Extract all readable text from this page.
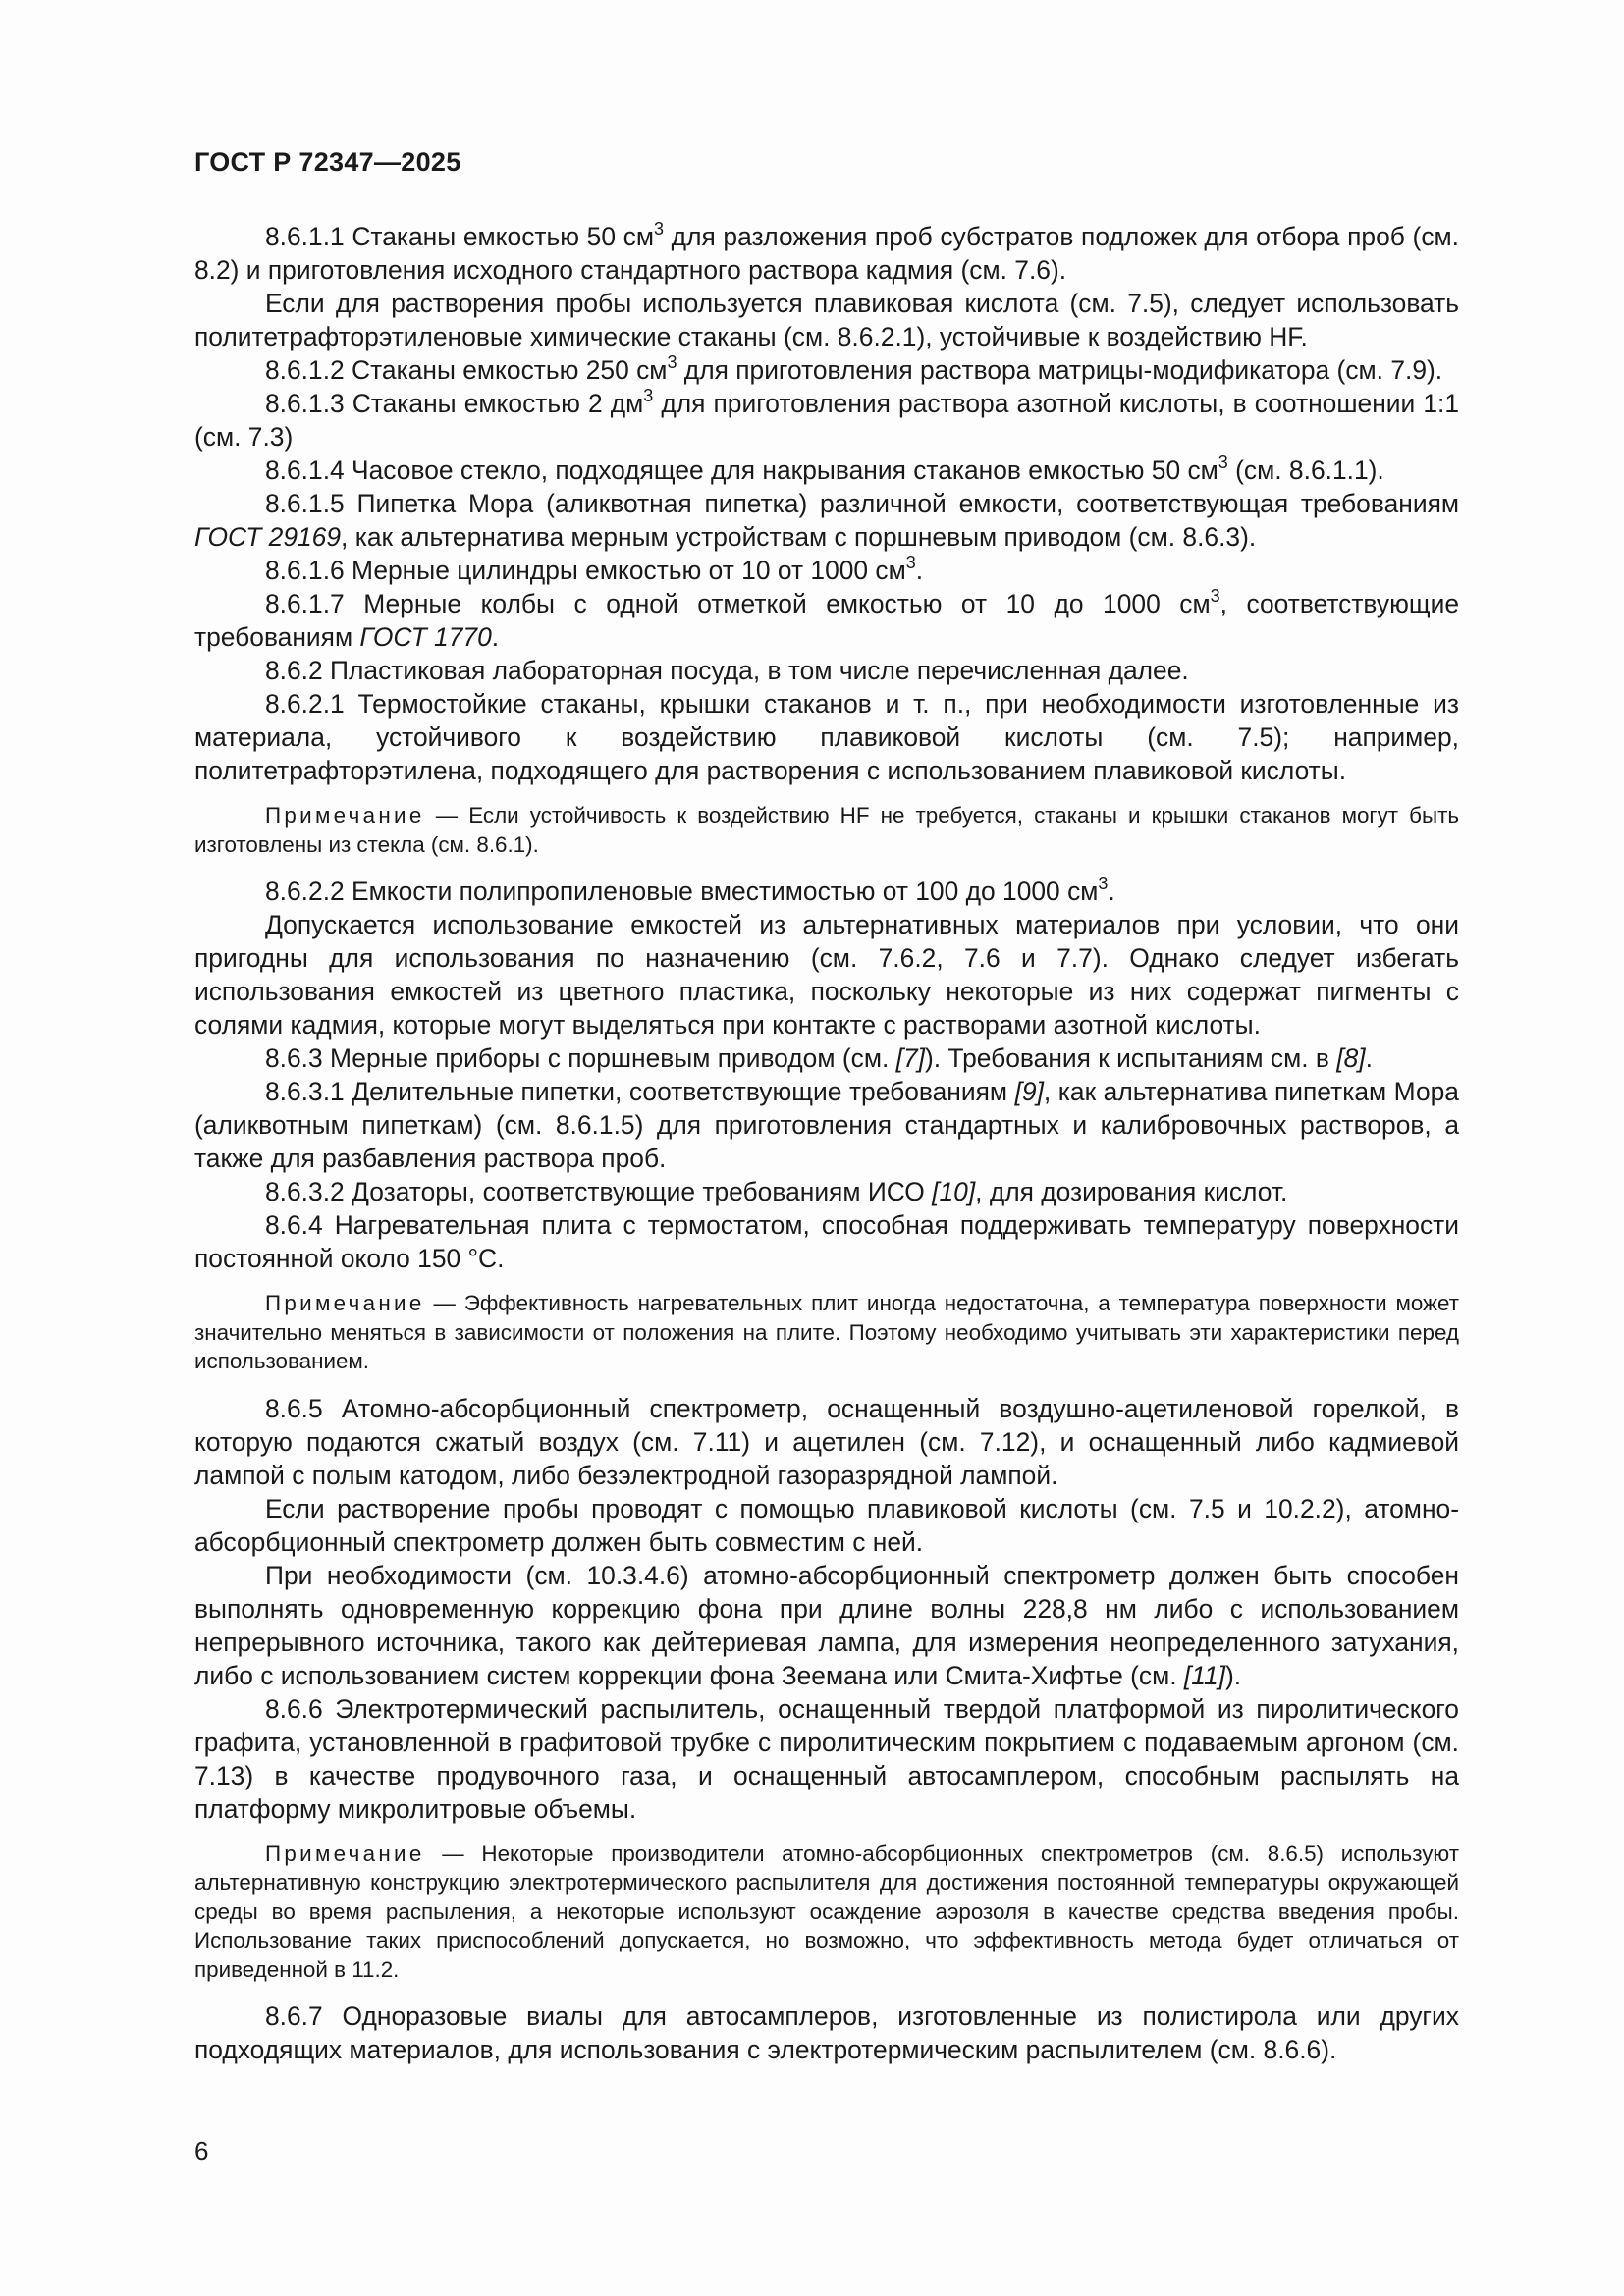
ГОСТ Р 72347—2025

8.6.1.1 Стаканы емкостью 50 $см^3$ для разложения проб субстратов подложек для отбора проб (см. 8.2) и приготовления исходного стандартного раствора кадмия (см. 7.6).

Если для растворения пробы используется плавиковая кислота (см. 7.5), следует использовать политетрафторэтиленовые химические стаканы (см. 8.6.2.1), устойчивые к воздействию HF.

8.6.1.2 Стаканы емкостью 250 $см^3$ для приготовления раствора матрицы-модификатора (см. 7.9).

8.6.1.3 Стаканы емкостью 2 $дм^3$ для приготовления раствора азотной кислоты, в соотношении 1:1 (см. 7.3)

8.6.1.4 Часовое стекло, подходящее для накрывания стаканов емкостью 50 $см^3$ (см. 8.6.1.1).

8.6.1.5 Пипетка Мора (аликвотная пипетка) различной емкости, соответствующая требованиям ГОСТ 29169, как альтернатива мерным устройствам с поршневым приводом (см. 8.6.3).

8.6.1.6 Мерные цилиндры емкостью от 10 от 1000 $см^3$.

8.6.1.7 Мерные колбы с одной отметкой емкостью от 10 до 1000 $см^3$, соответствующие требованиям ГОСТ 1770.

8.6.2 Пластиковая лабораторная посуда, в том числе перечисленная далее.

8.6.2.1 Термостойкие стаканы, крышки стаканов и т. п., при необходимости изготовленные из материала, устойчивого к воздействию плавиковой кислоты (см. 7.5); например, политетрафторэтилена, подходящего для растворения с использованием плавиковой кислоты.

Примечание — Если устойчивость к воздействию HF не требуется, стаканы и крышки стаканов могут быть изготовлены из стекла (см. 8.6.1).

8.6.2.2 Емкости полипропиленовые вместимостью от 100 до 1000 $см^3$.

Допускается использование емкостей из альтернативных материалов при условии, что они пригодны для использования по назначению (см. 7.6.2, 7.6 и 7.7). Однако следует избегать использования емкостей из цветного пластика, поскольку некоторые из них содержат пигменты с солями кадмия, которые могут выделяться при контакте с растворами азотной кислоты.

8.6.3 Мерные приборы с поршневым приводом (см. [7]). Требования к испытаниям см. в [8].

8.6.3.1 Делительные пипетки, соответствующие требованиям [9], как альтернатива пипеткам Мора (аликвотным пипеткам) (см. 8.6.1.5) для приготовления стандартных и калибровочных растворов, а также для разбавления раствора проб.

8.6.3.2 Дозаторы, соответствующие требованиям ИСО [10], для дозирования кислот.

8.6.4 Нагревательная плита с термостатом, способная поддерживать температуру поверхности постоянной около 150 °C.

Примечание — Эффективность нагревательных плит иногда недостаточна, а температура поверхности может значительно меняться в зависимости от положения на плите. Поэтому необходимо учитывать эти характеристики перед использованием.

8.6.5 Атомно-абсорбционный спектрометр, оснащенный воздушно-ацетиленовой горелкой, в которую подаются сжатый воздух (см. 7.11) и ацетилен (см. 7.12), и оснащенный либо кадмиевой лампой с полым катодом, либо безэлектродной газоразрядной лампой.

Если растворение пробы проводят с помощью плавиковой кислоты (см. 7.5 и 10.2.2), атомно-абсорбционный спектрометр должен быть совместим с ней.

При необходимости (см. 10.3.4.6) атомно-абсорбционный спектрометр должен быть способен выполнять одновременную коррекцию фона при длине волны 228,8 нм либо с использованием непрерывного источника, такого как дейтериевая лампа, для измерения неопределенного затухания, либо с использованием систем коррекции фона Зеемана или Смита-Хифтье (см. [11]).

8.6.6 Электротермический распылитель, оснащенный твердой платформой из пиролитического графита, установленной в графитовой трубке с пиролитическим покрытием с подаваемым аргоном (см. 7.13) в качестве продувочного газа, и оснащенный автосамплером, способным распылять на платформу микролитровые объемы.

Примечание — Некоторые производители атомно-абсорбционных спектрометров (см. 8.6.5) используют альтернативную конструкцию электротермического распылителя для достижения постоянной температуры окружающей среды во время распыления, а некоторые используют осаждение аэрозоля в качестве средства введения пробы. Использование таких приспособлений допускается, но возможно, что эффективность метода будет отличаться от приведенной в 11.2.

8.6.7 Одноразовые виалы для автосамплеров, изготовленные из полистирола или других подходящих материалов, для использования с электротермическим распылителем (см. 8.6.6).

6
